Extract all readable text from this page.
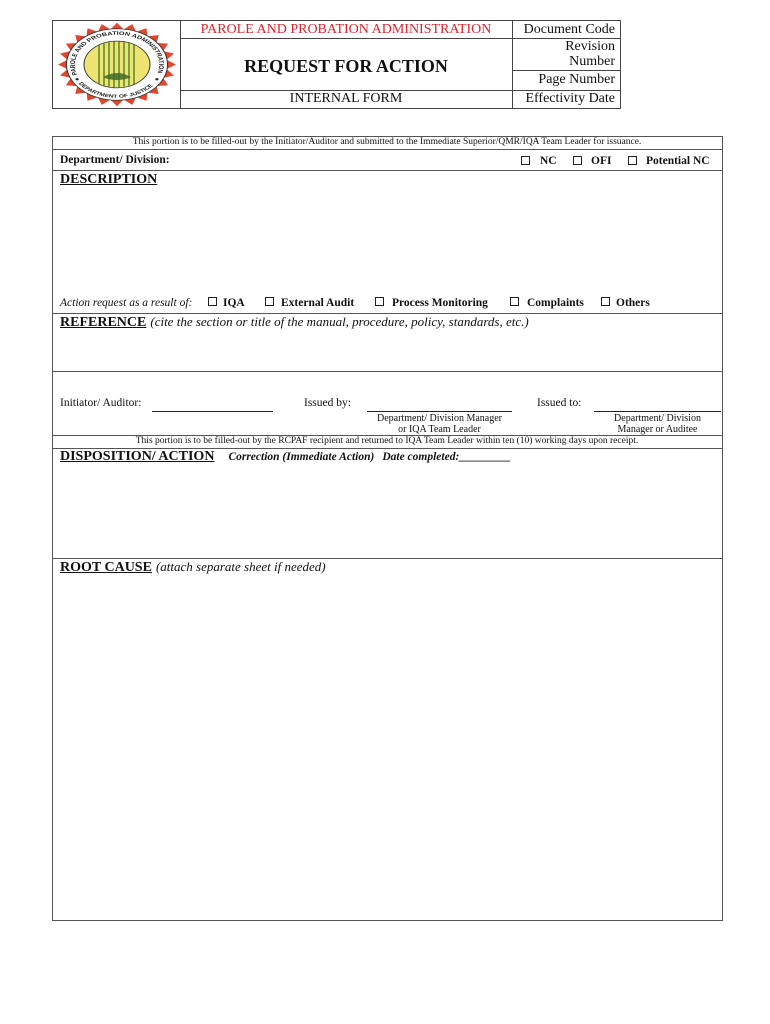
PAROLE AND PROBATION ADMINISTRATION
DEPARTMENT OF JUSTICE
PAROLE AND PROBATION ADMINISTRATION
REQUEST FOR ACTION
INTERNAL FORM
Document Code
Revision
Number
Page Number
Effectivity Date
This portion is to be filled-out by the Initiator/Auditor and submitted to the Immediate Superior/QMR/IQA Team Leader for issuance.
Department/ Division:	NC	OFI	Potential NC
DESCRIPTION
Action request as a result of:	IQA	External Audit	Process Monitoring	Complaints	Others
REFERENCE (cite the section or title of the manual, procedure, policy, standards, etc.)
Initiator/ Auditor:	Issued by:
Department/ Division Manager
or IQA Team Leader
Issued to:
Department/ Division
Manager or Auditee
This portion is to be filled-out by the RCPAF recipient and returned to IQA Team Leader within ten (10) working days upon receipt.
DISPOSITION/ ACTION Correction (Immediate Action) Date completed:_________
ROOT CAUSE (attach separate sheet if needed)
